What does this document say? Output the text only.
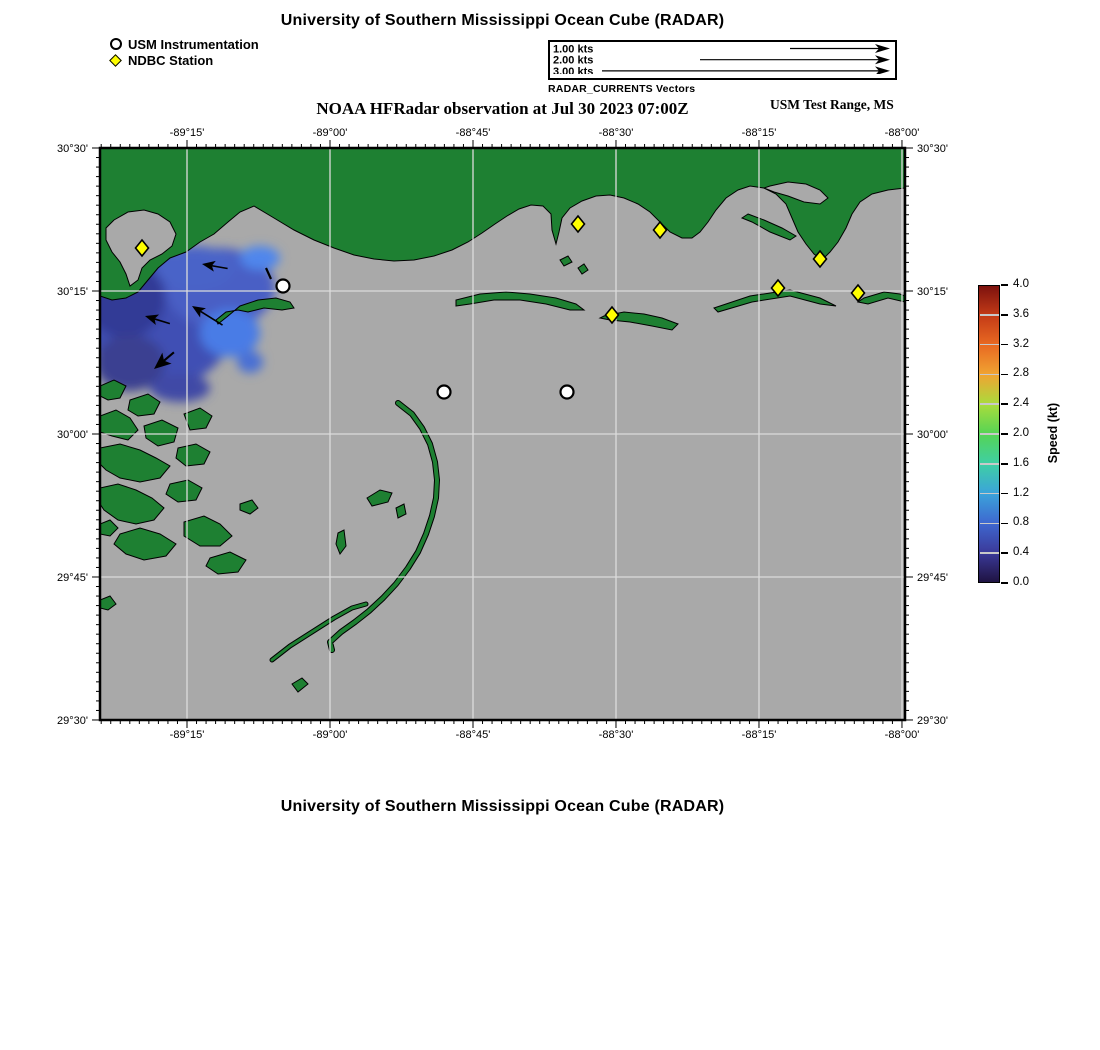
University of Southern Mississippi Ocean Cube (RADAR)
USM Instrumentation
NDBC Station
1.00 kts
2.00 kts
3.00 kts
RADAR_CURRENTS Vectors
NOAA HFRadar observation at Jul 30 2023 07:00Z	USM Test Range, MS
-89°15'
-89°15'
-89°00'
-89°00'
-88°45'
-88°45'
-88°30'
-88°30'
-88°15'
-88°15'
-88°00'
-88°00'
30°30'	30°30'
30°15'	30°15'
30°00'	30°00'
29°45'	29°45'
29°30'	29°30'
0.0
0.4
0.8
1.2
1.6
2.0
2.4
2.8
3.2
3.6
4.0
Speed (kt)
University of Southern Mississippi Ocean Cube (RADAR)
